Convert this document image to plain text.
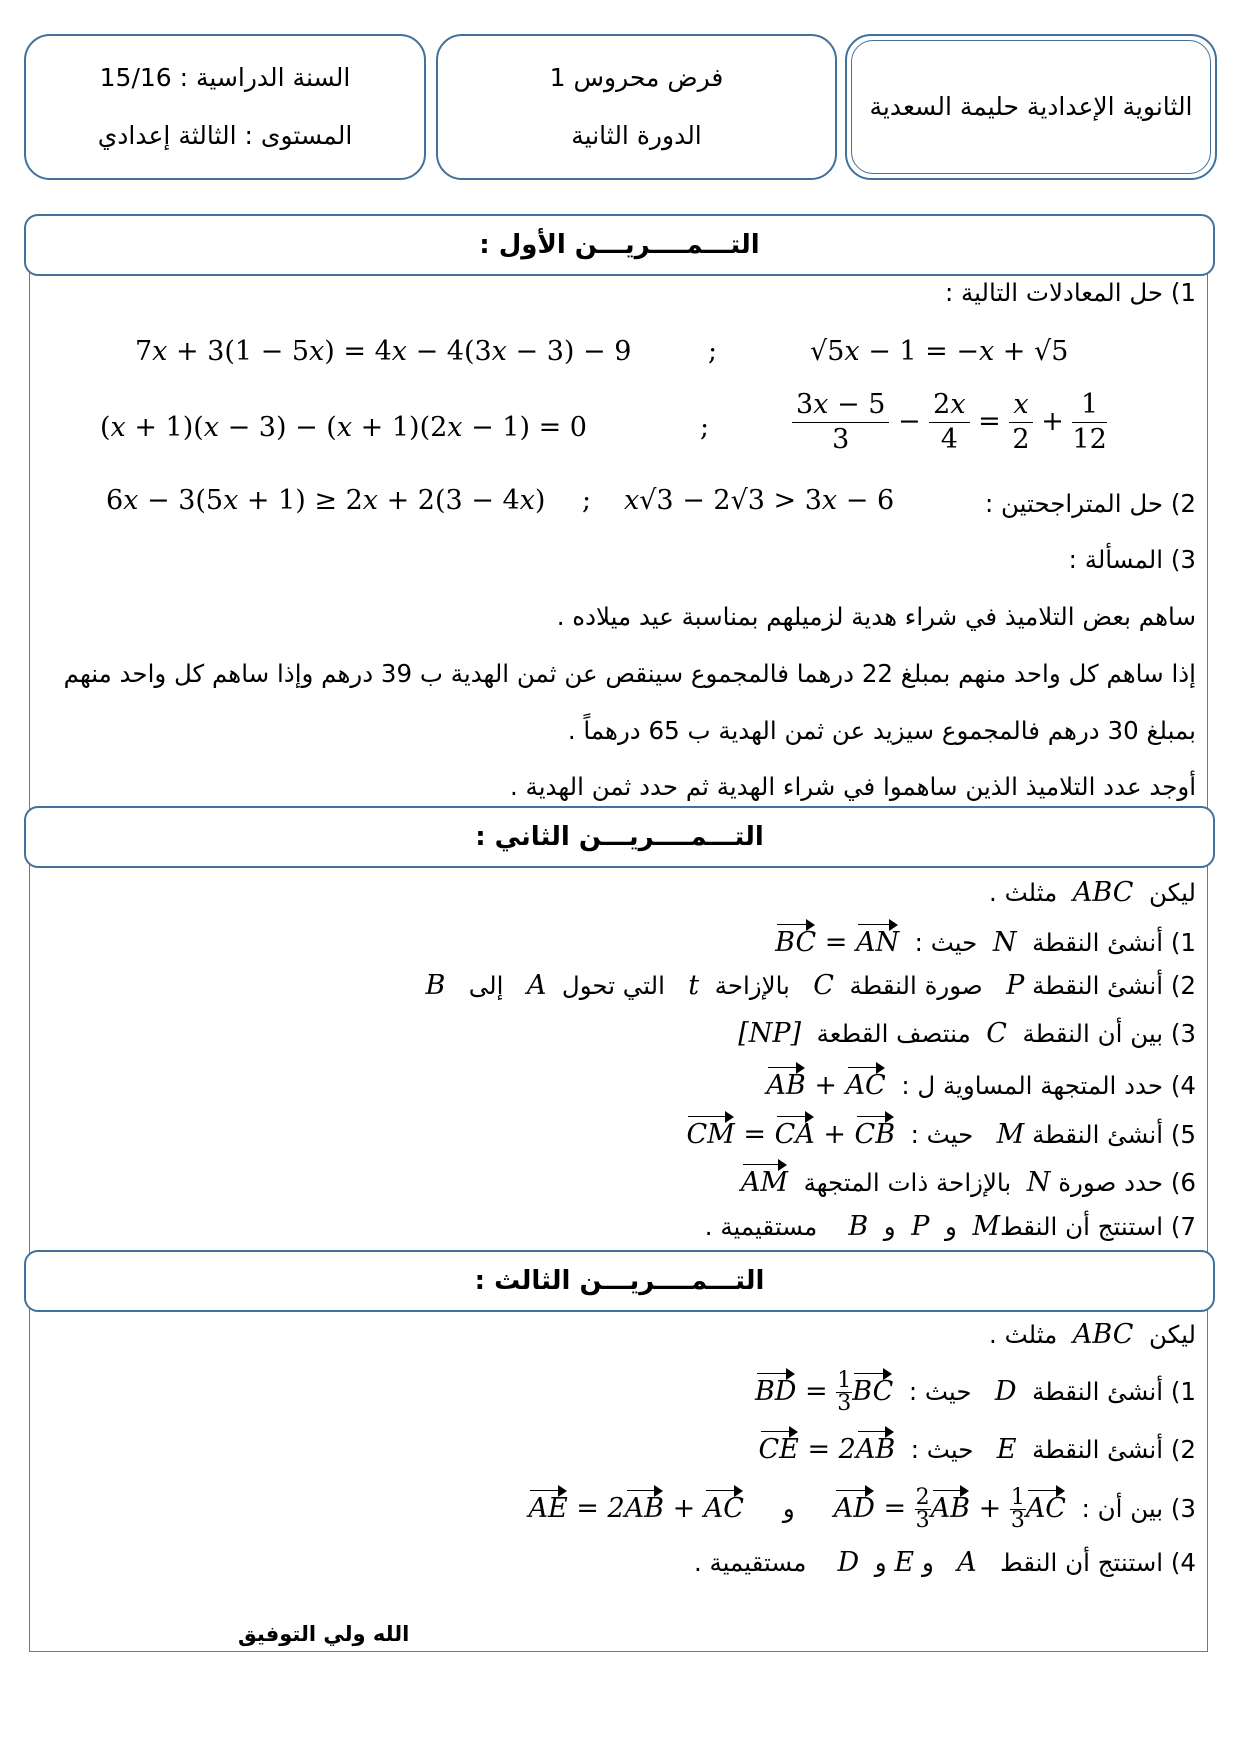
السنة الدراسية : 15/16
المستوى : الثالثة إعدادي
فرض محروس 1
الدورة الثانية
الثانوية الإعدادية حليمة السعدية
التـــمــــريـــن الأول :
1) حل المعادلات التالية :
7𝑥 + 3(1 − 5𝑥) = 4𝑥 − 4(3𝑥 − 3) − 9	;	√5𝑥 − 1 = −𝑥 + √5
(𝑥 + 1)(𝑥 − 3) − (𝑥 + 1)(2𝑥 − 1) = 0	;	$\frac{\text{3𝑥 − 5}}{3} - \frac{\text{2𝑥}}{4} = \frac{\text{𝑥}}{2} + \frac{1}{12}$
6𝑥 − 3(5𝑥 + 1) ≥ 2𝑥 + 2(3 − 4𝑥) ; 𝑥√3 − 2√3 > 3𝑥 − 6	2) حل المتراجحتين :
3) المسألة :
ساهم بعض التلاميذ في شراء هدية لزميلهم بمناسبة عيد ميلاده .
إذا ساهم كل واحد منهم بمبلغ 22 درهما فالمجموع سينقص عن ثمن الهدية ب 39 درهم وإذا ساهم كل واحد منهم
بمبلغ 30 درهم فالمجموع سيزيد عن ثمن الهدية ب 65 درهماً .
أوجد عدد التلاميذ الذين ساهموا في شراء الهدية ثم حدد ثمن الهدية .
التـــمــــريـــن الثاني :
ليكن  ABC  مثلث .
1) أنشئ النقطة  N  حيث :  BC = AN
2) أنشئ النقطة P   صورة النقطة  C   بالإزاحة  t   التي تحول  A   إلى   B
3) بين أن النقطة  C  منتصف القطعة  [NP]
4) حدد المتجهة المساوية ل :  AB + AC
5) أنشئ النقطة M   حيث :  CM = CA + CB
6) حدد صورة N  بالإزاحة ذات المتجهة  AM
7) استنتج أن النقطM  و  P  و  B    مستقيمية .
التـــمــــريـــن الثالث :
ليكن  ABC  مثلث .
1) أنشئ النقطة  D   حيث :  BD = $\frac{1}{3}$ BC
2) أنشئ النقطة  E   حيث :  CE = 2AB
3) بين أن :  AD = $\frac{2}{3}$ AB + $\frac{1}{3}$ AC     و     AE = 2AB + AC
4) استنتج أن النقط   A   و E و  D    مستقيمية .
الله ولي التوفيق
